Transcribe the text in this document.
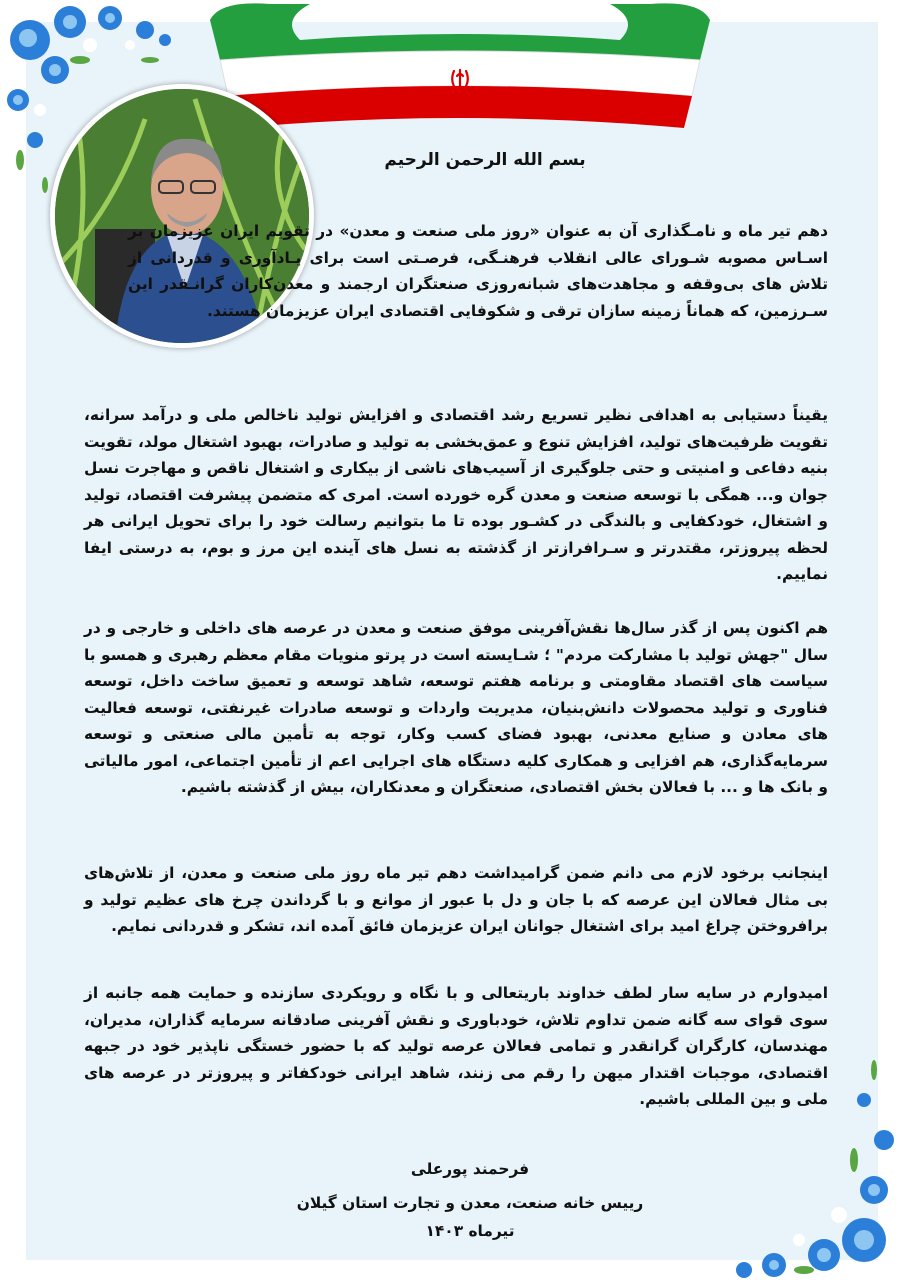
بسم الله الرحمن الرحیم

دهم تیر ماه و نامـگذاری آن به عنوان «روز ملی صنعت و معدن» در تقویم ایران عزیزمان بر اسـاس مصوبه شـورای عالی انقلاب فرهنـگی، فرصـتی است برای یـادآوری و قدردانی از تلاش های بی‌وقفه و مجاهدت‌های شبانه‌روزی صنعتگران ارجمند و معدن‌کاران گرانـقدر این سـرزمین، که هماناً زمینه سازان ترقی و شکوفایی اقتصادی ایران عزیزمان هستند.

یقیناً دستیابی به اهدافی نظیر تسریع رشد اقتصادی و افزایش تولید ناخالص ملی و درآمد سرانه، تقویت ظرفیت‌های تولید، افزایش تنوع و عمق‌بخشی به تولید و صادرات، بهبود اشتغال مولد، تقویت بنیه دفاعی و امنیتی و حتی جلوگیری از آسیب‌های ناشی از بیکاری و اشتغال ناقص و مهاجرت نسل جوان و... همگی با توسعه صنعت و معدن گره خورده است. امری که متضمن پیشرفت اقتصاد، تولید و اشتغال، خودکفایی و بالندگی در کشـور بوده تا ما بتوانیم رسالت خود را برای تحویل ایرانی هر لحظه پیروزتر، مقتدرتر و سـرافرازتر از گذشته به نسل های آینده این مرز و بوم، به درستی ایفا نماییم.

هم اکنون پس از گذر سال‌ها نقش‌آفرینی موفق صنعت و معدن در عرصه های داخلی و خارجی و در سال "جهش تولید با مشارکت مردم" ؛ شـایسته است در پرتو منویات مقام معظم رهبری و همسو با سیاست های اقتصاد مقاومتی و برنامه هفتم توسعه، شاهد توسعه و تعمیق ساخت داخل، توسعه فناوری و تولید محصولات دانش‌بنیان، مدیریت واردات و توسعه صادرات غیرنفتی، توسعه فعالیت های معادن و صنایع معدنی، بهبود فضای کسب وکار، توجه به تأمین مالی صنعتی و توسعه سرمایه‌گذاری، هم افزایی و همکاری کلیه دستگاه های اجرایی اعم از تأمین اجتماعی، امور مالیاتی و بانک ها و ... با فعالان بخش اقتصادی، صنعتگران و معدنکاران، بیش از گذشته باشیم.

اینجانب برخود لازم می دانم ضمن گرامیداشت دهم تیر ماه روز ملی صنعت و معدن، از تلاش‌های بی مثال فعالان این عرصه که با جان و دل با عبور از موانع و با گرداندن چرخ های عظیم تولید و برافروختن چراغ امید برای اشتغال جوانان ایران عزیزمان فائق آمده اند، تشکر و قدردانی نمایم.

امیدوارم در سایه سار لطف خداوند باریتعالی و با نگاه و رویکردی سازنده و حمایت همه جانبه از سوی قوای سه گانه ضمن تداوم تلاش، خودباوری و نقش آفرینی صادقانه سرمایه گذاران، مدیران، مهندسان، کارگران گرانقدر و تمامی فعالان عرصه تولید که با حضور خستگی ناپذیر خود در جبهه اقتصادی، موجبات اقتدار میهن را رقم می زنند، شاهد ایرانی خودکفاتر و پیروزتر در عرصه های ملی و بین المللی باشیم.

فرحمند پورعلی
رییس خانه صنعت، معدن و تجارت استان گیلان
تیرماه ۱۴۰۳
